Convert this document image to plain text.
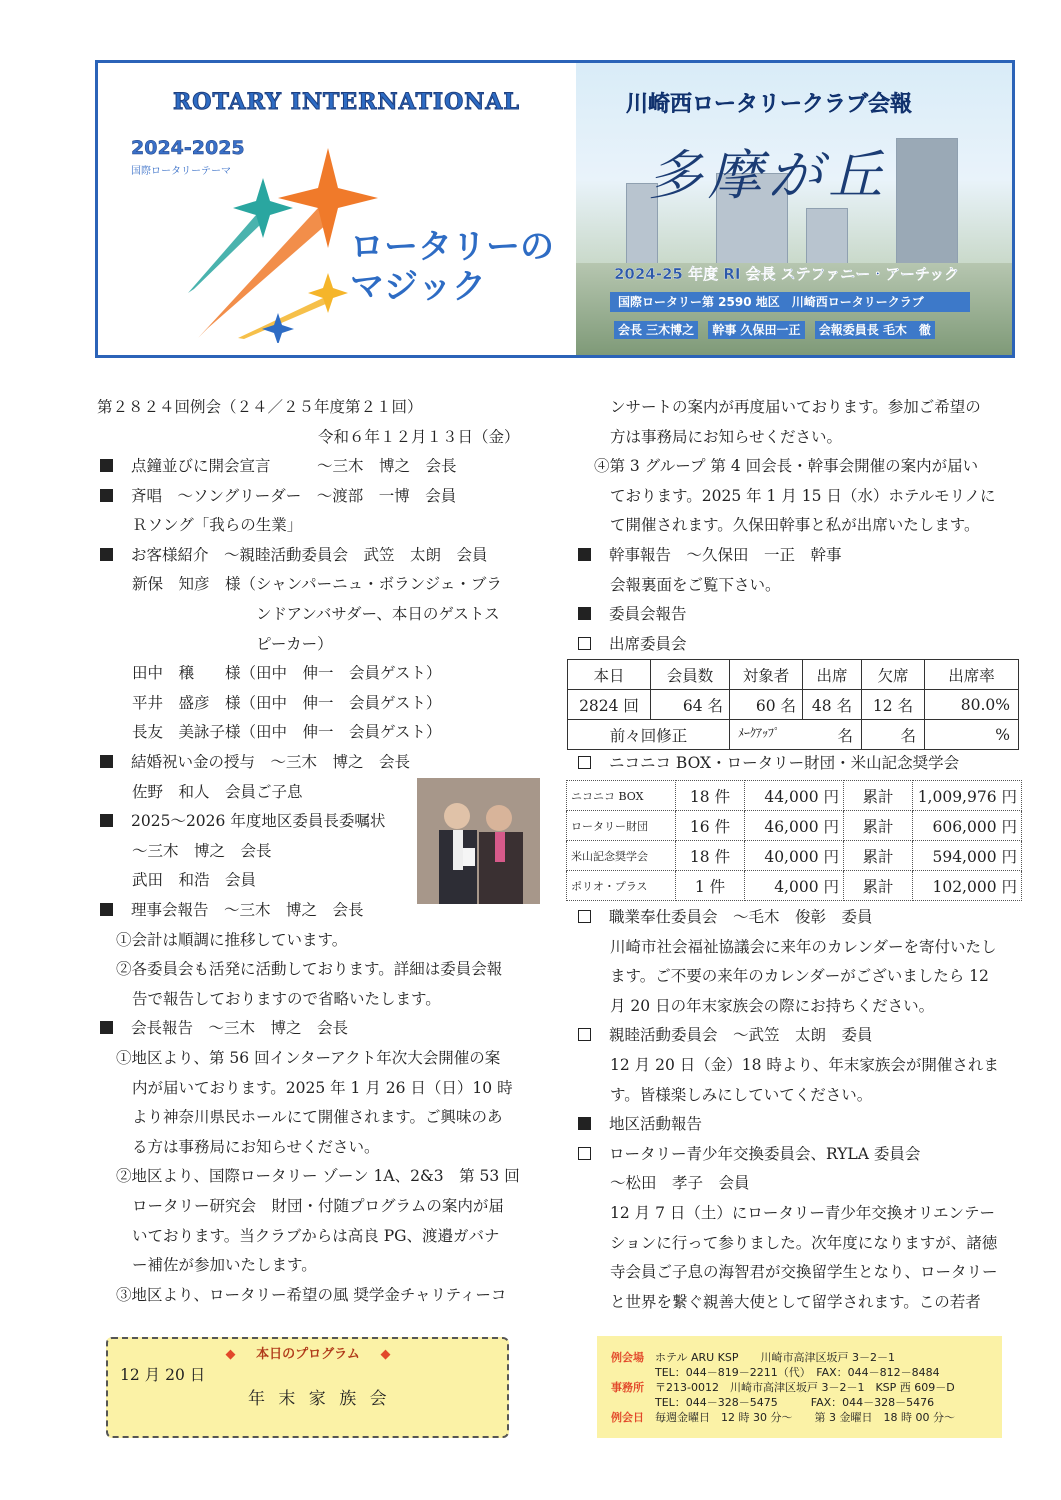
ROTARY INTERNATIONAL
2024-2025
国際ロータリーテーマ
ロータリーの
マジック
川崎西ロータリークラブ会報
多摩が丘
2024-25 年度 RI 会長 ステファニー・アーチック
国際ロータリー第 2590 地区　川崎西ロータリークラブ
会長 三木博之 幹事 久保田一正 会報委員長 毛木　徹
第２８２４回例会（２４／２５年度第２１回）
令和６年１２月１３日（金）
点鐘並びに開会宣言　　　～三木　博之　会長
斉唱　～ソングリーダー　～渡部　一博　会員
Ｒソング「我らの生業」
お客様紹介　～親睦活動委員会　武笠　太朗　会員
新保　知彦　様（シャンパーニュ・ボランジェ・ブラ
ンドアンバサダー、本日のゲストス
ピーカー）
田中　穣　　様（田中　伸一　会員ゲスト）
平井　盛彦　様（田中　伸一　会員ゲスト）
長友　美詠子様（田中　伸一　会員ゲスト）
結婚祝い金の授与　～三木　博之　会長
佐野　和人　会員ご子息
2025～2026 年度地区委員長委嘱状
～三木　博之　会長
武田　和浩　会員
理事会報告　～三木　博之　会長
①会計は順調に推移しています。
②各委員会も活発に活動しております。詳細は委員会報
告で報告しておりますので省略いたします。
会長報告　～三木　博之　会長
①地区より、第 56 回インターアクト年次大会開催の案
内が届いております。2025 年 1 月 26 日（日）10 時
より神奈川県民ホールにて開催されます。ご興味のあ
る方は事務局にお知らせください。
②地区より、国際ロータリー ゾーン 1A、2&3　第 53 回
ロータリー研究会　財団・付随プログラムの案内が届
いております。当クラブからは高良 PG、渡邉ガバナ
ー補佐が参加いたします。
③地区より、ロータリー希望の風 奨学金チャリティーコ
ンサートの案内が再度届いております。参加ご希望の
方は事務局にお知らせください。
④第 3 グループ 第 4 回会長・幹事会開催の案内が届い
ております。2025 年 1 月 15 日（水）ホテルモリノに
て開催されます。久保田幹事と私が出席いたします。
幹事報告　～久保田　一正　幹事
会報裏面をご覧下さい。
委員会報告
出席委員会
本日	会員数	対象者	出席	欠席	出席率
2824 回	64 名	60 名	48 名	12 名	80.0%
前々回修正		ﾒｰｸｱｯﾌﾟ 名		名	%
ニコニコ BOX・ロータリー財団・米山記念奨学会
ニコニコ BOX	18 件	44,000 円	累計	1,009,976 円
ロータリー財団	16 件	46,000 円	累計	606,000 円
米山記念奨学会	18 件	40,000 円	累計	594,000 円
ポリオ・プラス	1 件	4,000 円	累計	102,000 円
職業奉仕委員会　～毛木　俊彰　委員
川崎市社会福祉協議会に来年のカレンダーを寄付いたし
ます。ご不要の来年のカレンダーがございましたら 12
月 20 日の年末家族会の際にお持ちください。
親睦活動委員会　～武笠　太朗　委員
12 月 20 日（金）18 時より、年末家族会が開催されま
す。皆様楽しみにしていてください。
地区活動報告
ロータリー青少年交換委員会、RYLA 委員会
～松田　孝子　会員
12 月 7 日（土）にロータリー青少年交換オリエンテー
ションに行って参りました。次年度になりますが、諸徳
寺会員ご子息の海智君が交換留学生となり、ロータリー
と世界を繋ぐ親善大使として留学されます。この若者
◆ 本日のプログラム ◆
12 月 20 日
年 末 家 族 会
例会場 ホテル ARU KSP　　川崎市高津区坂戸 3－2－1
TEL：044－819－2211（代）　FAX：044－812－8484
事務所 〒213-0012　川崎市高津区坂戸 3－2－1　KSP 西 609－D
TEL：044－328－5475　　　FAX：044－328－5476
例会日 毎週金曜日　12 時 30 分～　　第 3 金曜日　18 時 00 分～
